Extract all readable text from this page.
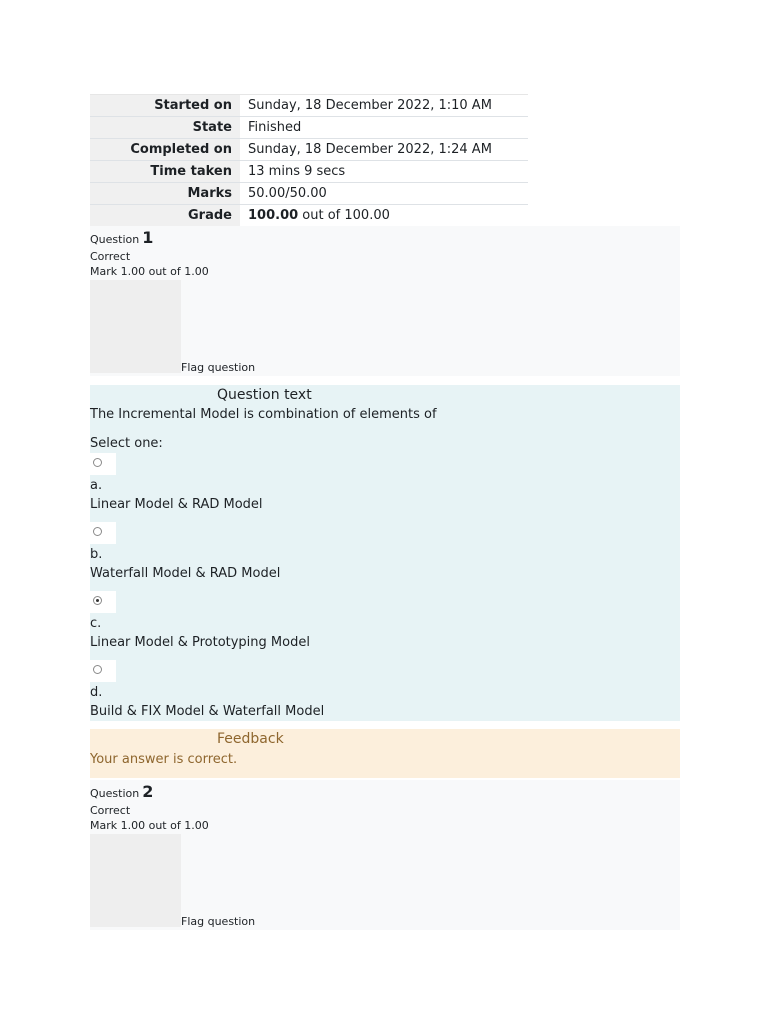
Started on	Sunday, 18 December 2022, 1:10 AM
State	Finished
Completed on	Sunday, 18 December 2022, 1:24 AM
Time taken	13 mins 9 secs
Marks	50.00/50.00
Grade	100.00 out of 100.00
Question 1
Correct
Mark 1.00 out of 1.00
Flag question
Question text
The Incremental Model is combination of elements of
Select one:
a.
Linear Model & RAD Model
b.
Waterfall Model & RAD Model
c.
Linear Model & Prototyping Model
d.
Build & FIX Model & Waterfall Model
Feedback
Your answer is correct.
Question 2
Correct
Mark 1.00 out of 1.00
Flag question
